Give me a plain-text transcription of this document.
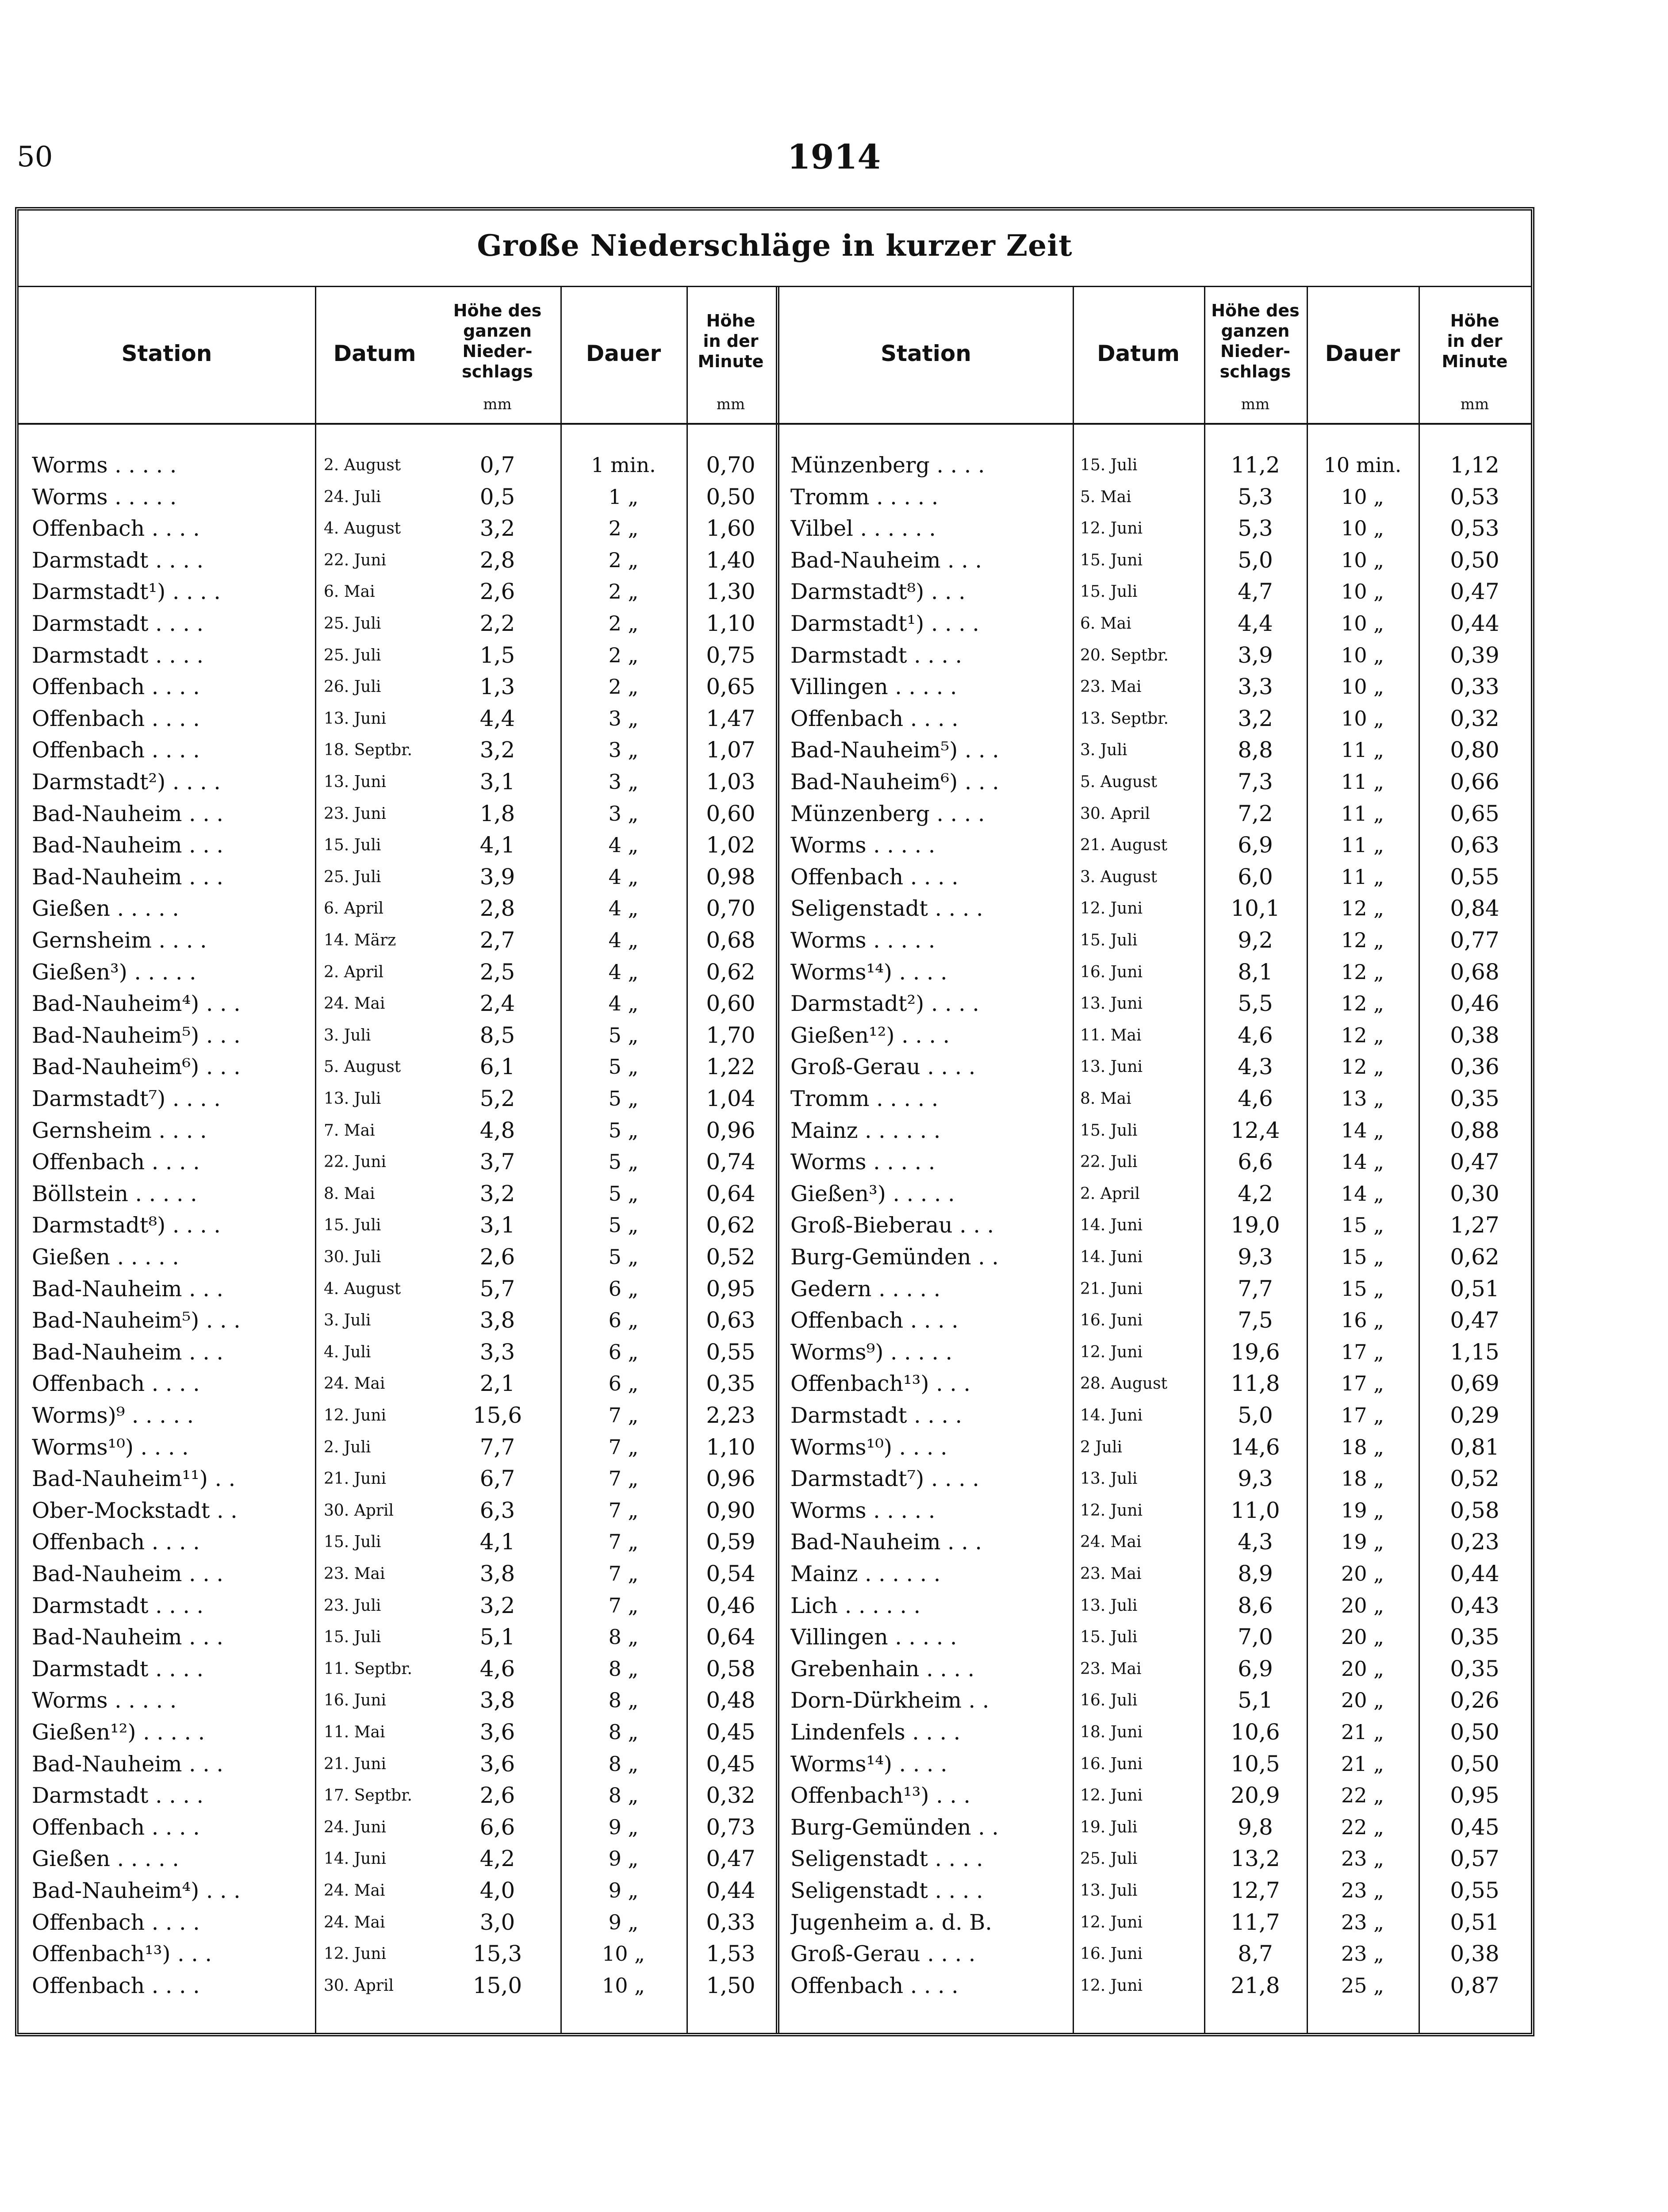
50	1914
Große Niederschläge in kurzer Zeit
Station	Datum
Höhe des
ganzen
Nieder-
schlags
Dauer
Höhe
in der
Minute
mm	mm
Station	Datum
Höhe des
ganzen
Nieder-
schlags
Dauer
Höhe
in der
Minute
mm	mm
Worms . . . . .	2. August	0,7	1 min.	0,70
Worms . . . . .	24. Juli	0,5	1 „	0,50
Offenbach . . . .	4. August	3,2	2 „	1,60
Darmstadt . . . .	22. Juni	2,8	2 „	1,40
Darmstadt¹) . . . .	6. Mai	2,6	2 „	1,30
Darmstadt . . . .	25. Juli	2,2	2 „	1,10
Darmstadt . . . .	25. Juli	1,5	2 „	0,75
Offenbach . . . .	26. Juli	1,3	2 „	0,65
Offenbach . . . .	13. Juni	4,4	3 „	1,47
Offenbach . . . .	18. Septbr.	3,2	3 „	1,07
Darmstadt²) . . . .	13. Juni	3,1	3 „	1,03
Bad-Nauheim . . .	23. Juni	1,8	3 „	0,60
Bad-Nauheim . . .	15. Juli	4,1	4 „	1,02
Bad-Nauheim . . .	25. Juli	3,9	4 „	0,98
Gießen . . . . .	6. April	2,8	4 „	0,70
Gernsheim . . . .	14. März	2,7	4 „	0,68
Gießen³) . . . . .	2. April	2,5	4 „	0,62
Bad-Nauheim⁴) . . .	24. Mai	2,4	4 „	0,60
Bad-Nauheim⁵) . . .	3. Juli	8,5	5 „	1,70
Bad-Nauheim⁶) . . .	5. August	6,1	5 „	1,22
Darmstadt⁷) . . . .	13. Juli	5,2	5 „	1,04
Gernsheim . . . .	7. Mai	4,8	5 „	0,96
Offenbach . . . .	22. Juni	3,7	5 „	0,74
Böllstein . . . . .	8. Mai	3,2	5 „	0,64
Darmstadt⁸) . . . .	15. Juli	3,1	5 „	0,62
Gießen . . . . .	30. Juli	2,6	5 „	0,52
Bad-Nauheim . . .	4. August	5,7	6 „	0,95
Bad-Nauheim⁵) . . .	3. Juli	3,8	6 „	0,63
Bad-Nauheim . . .	4. Juli	3,3	6 „	0,55
Offenbach . . . .	24. Mai	2,1	6 „	0,35
Worms)⁹ . . . . .	12. Juni	15,6	7 „	2,23
Worms¹⁰) . . . .	2. Juli	7,7	7 „	1,10
Bad-Nauheim¹¹) . .	21. Juni	6,7	7 „	0,96
Ober-Mockstadt . .	30. April	6,3	7 „	0,90
Offenbach . . . .	15. Juli	4,1	7 „	0,59
Bad-Nauheim . . .	23. Mai	3,8	7 „	0,54
Darmstadt . . . .	23. Juli	3,2	7 „	0,46
Bad-Nauheim . . .	15. Juli	5,1	8 „	0,64
Darmstadt . . . .	11. Septbr.	4,6	8 „	0,58
Worms . . . . .	16. Juni	3,8	8 „	0,48
Gießen¹²) . . . . .	11. Mai	3,6	8 „	0,45
Bad-Nauheim . . .	21. Juni	3,6	8 „	0,45
Darmstadt . . . .	17. Septbr.	2,6	8 „	0,32
Offenbach . . . .	24. Juni	6,6	9 „	0,73
Gießen . . . . .	14. Juni	4,2	9 „	0,47
Bad-Nauheim⁴) . . .	24. Mai	4,0	9 „	0,44
Offenbach . . . .	24. Mai	3,0	9 „	0,33
Offenbach¹³) . . .	12. Juni	15,3	10 „	1,53
Offenbach . . . .	30. April	15,0	10 „	1,50
Münzenberg . . . .	15. Juli	11,2	10 min.	1,12
Tromm . . . . .	5. Mai	5,3	10 „	0,53
Vilbel . . . . . .	12. Juni	5,3	10 „	0,53
Bad-Nauheim . . .	15. Juni	5,0	10 „	0,50
Darmstadt⁸) . . .	15. Juli	4,7	10 „	0,47
Darmstadt¹) . . . .	6. Mai	4,4	10 „	0,44
Darmstadt . . . .	20. Septbr.	3,9	10 „	0,39
Villingen . . . . .	23. Mai	3,3	10 „	0,33
Offenbach . . . .	13. Septbr.	3,2	10 „	0,32
Bad-Nauheim⁵) . . .	3. Juli	8,8	11 „	0,80
Bad-Nauheim⁶) . . .	5. August	7,3	11 „	0,66
Münzenberg . . . .	30. April	7,2	11 „	0,65
Worms . . . . .	21. August	6,9	11 „	0,63
Offenbach . . . .	3. August	6,0	11 „	0,55
Seligenstadt . . . .	12. Juni	10,1	12 „	0,84
Worms . . . . .	15. Juli	9,2	12 „	0,77
Worms¹⁴) . . . .	16. Juni	8,1	12 „	0,68
Darmstadt²) . . . .	13. Juni	5,5	12 „	0,46
Gießen¹²) . . . .	11. Mai	4,6	12 „	0,38
Groß-Gerau . . . .	13. Juni	4,3	12 „	0,36
Tromm . . . . .	8. Mai	4,6	13 „	0,35
Mainz . . . . . .	15. Juli	12,4	14 „	0,88
Worms . . . . .	22. Juli	6,6	14 „	0,47
Gießen³) . . . . .	2. April	4,2	14 „	0,30
Groß-Bieberau . . .	14. Juni	19,0	15 „	1,27
Burg-Gemünden . .	14. Juni	9,3	15 „	0,62
Gedern . . . . .	21. Juni	7,7	15 „	0,51
Offenbach . . . .	16. Juni	7,5	16 „	0,47
Worms⁹) . . . . .	12. Juni	19,6	17 „	1,15
Offenbach¹³) . . .	28. August	11,8	17 „	0,69
Darmstadt . . . .	14. Juni	5,0	17 „	0,29
Worms¹⁰) . . . .	2 Juli	14,6	18 „	0,81
Darmstadt⁷) . . . .	13. Juli	9,3	18 „	0,52
Worms . . . . .	12. Juni	11,0	19 „	0,58
Bad-Nauheim . . .	24. Mai	4,3	19 „	0,23
Mainz . . . . . .	23. Mai	8,9	20 „	0,44
Lich . . . . . .	13. Juli	8,6	20 „	0,43
Villingen . . . . .	15. Juli	7,0	20 „	0,35
Grebenhain . . . .	23. Mai	6,9	20 „	0,35
Dorn-Dürkheim . .	16. Juli	5,1	20 „	0,26
Lindenfels . . . .	18. Juni	10,6	21 „	0,50
Worms¹⁴) . . . .	16. Juni	10,5	21 „	0,50
Offenbach¹³) . . .	12. Juni	20,9	22 „	0,95
Burg-Gemünden . .	19. Juli	9,8	22 „	0,45
Seligenstadt . . . .	25. Juli	13,2	23 „	0,57
Seligenstadt . . . .	13. Juli	12,7	23 „	0,55
Jugenheim a. d. B.	12. Juni	11,7	23 „	0,51
Groß-Gerau . . . .	16. Juni	8,7	23 „	0,38
Offenbach . . . .	12. Juni	21,8	25 „	0,87
